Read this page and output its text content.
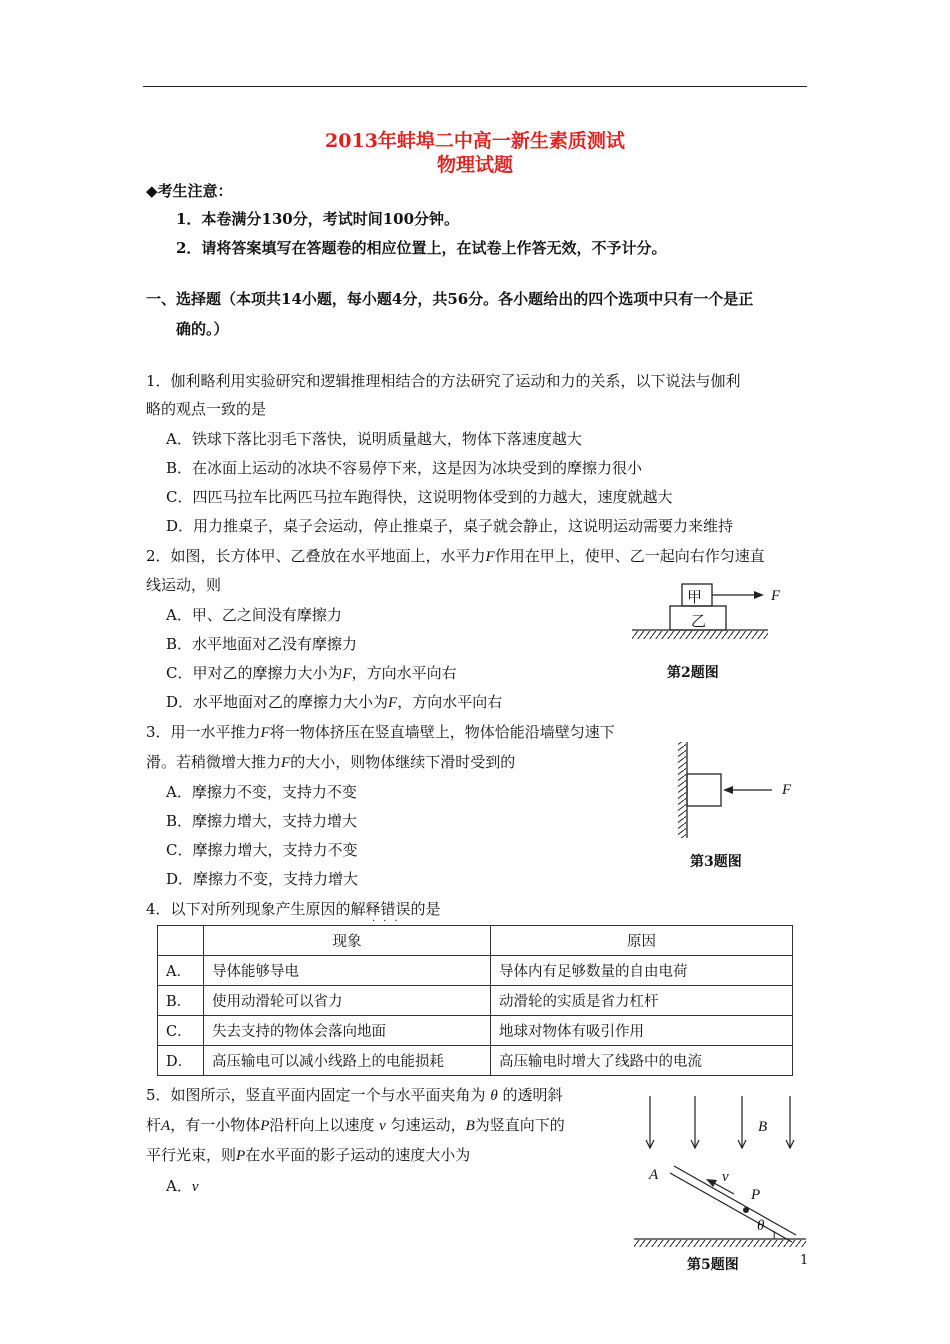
2013年蚌埠二中高一新生素质测试
物理试题
◆考生注意：
1．本卷满分130分，考试时间100分钟。
2．请将答案填写在答题卷的相应位置上，在试卷上作答无效，不予计分。
一、选择题（本项共14小题，每小题4分，共56分。各小题给出的四个选项中只有一个是正
确的。）
1．伽利略利用实验研究和逻辑推理相结合的方法研究了运动和力的关系，以下说法与伽利
略的观点一致的是
A．铁球下落比羽毛下落快，说明质量越大，物体下落速度越大
B．在冰面上运动的冰块不容易停下来，这是因为冰块受到的摩擦力很小
C．四匹马拉车比两匹马拉车跑得快，这说明物体受到的力越大，速度就越大
D．用力推桌子，桌子会运动，停止推桌子，桌子就会静止，这说明运动需要力来维持
2．如图，长方体甲、乙叠放在水平地面上，水平力F作用在甲上，使甲、乙一起向右作匀速直
线运动，则
A．甲、乙之间没有摩擦力
B．水平地面对乙没有摩擦力
C．甲对乙的摩擦力大小为F，方向水平向右
D．水平地面对乙的摩擦力大小为F，方向水平向右
甲
乙
F
第2题图
3．用一水平推力F将一物体挤压在竖直墙壁上，物体恰能沿墙壁匀速下
滑。若稍微增大推力F的大小，则物体继续下滑时受到的
A．摩擦力不变，支持力不变
B．摩擦力增大，支持力增大
C．摩擦力增大，支持力不变
D．摩擦力不变，支持力增大
F
第3题图
4．以下对所列现象产生原因的解释错误的是
···
	现象	原因
A．	导体能够导电	导体内有足够数量的自由电荷
B．	使用动滑轮可以省力	动滑轮的实质是省力杠杆
C．	失去支持的物体会落向地面	地球对物体有吸引作用
D．	高压输电可以减小线路上的电能损耗	高压输电时增大了线路中的电流
5．如图所示，竖直平面内固定一个与水平面夹角为 θ 的透明斜
杆A，有一小物体P沿杆向上以速度 v 匀速运动，B为竖直向下的
平行光束，则P在水平面的影子运动的速度大小为
A．v
B
A	v
P
θ
第5题图	1
